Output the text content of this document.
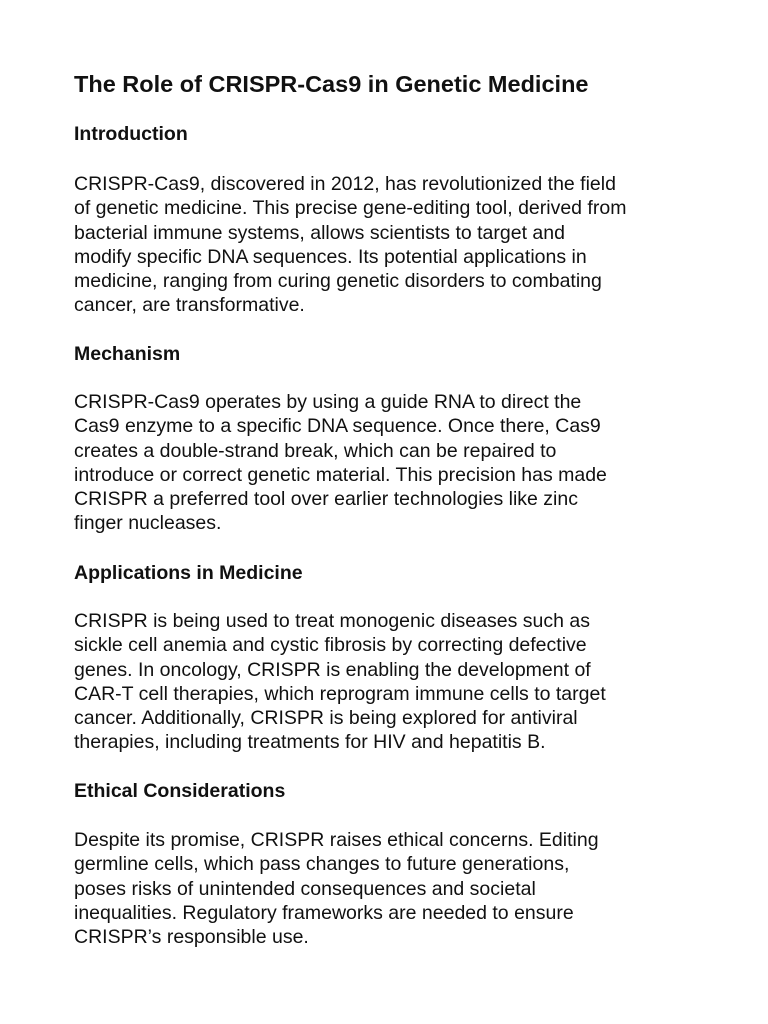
The Role of CRISPR-Cas9 in Genetic Medicine
Introduction

CRISPR-Cas9, discovered in 2012, has revolutionized the field
of genetic medicine. This precise gene-editing tool, derived from
bacterial immune systems, allows scientists to target and
modify specific DNA sequences. Its potential applications in
medicine, ranging from curing genetic disorders to combating
cancer, are transformative.

Mechanism

CRISPR-Cas9 operates by using a guide RNA to direct the
Cas9 enzyme to a specific DNA sequence. Once there, Cas9
creates a double-strand break, which can be repaired to
introduce or correct genetic material. This precision has made
CRISPR a preferred tool over earlier technologies like zinc
finger nucleases.

Applications in Medicine

CRISPR is being used to treat monogenic diseases such as
sickle cell anemia and cystic fibrosis by correcting defective
genes. In oncology, CRISPR is enabling the development of
CAR-T cell therapies, which reprogram immune cells to target
cancer. Additionally, CRISPR is being explored for antiviral
therapies, including treatments for HIV and hepatitis B.

Ethical Considerations

Despite its promise, CRISPR raises ethical concerns. Editing
germline cells, which pass changes to future generations,
poses risks of unintended consequences and societal
inequalities. Regulatory frameworks are needed to ensure
CRISPR’s responsible use.
